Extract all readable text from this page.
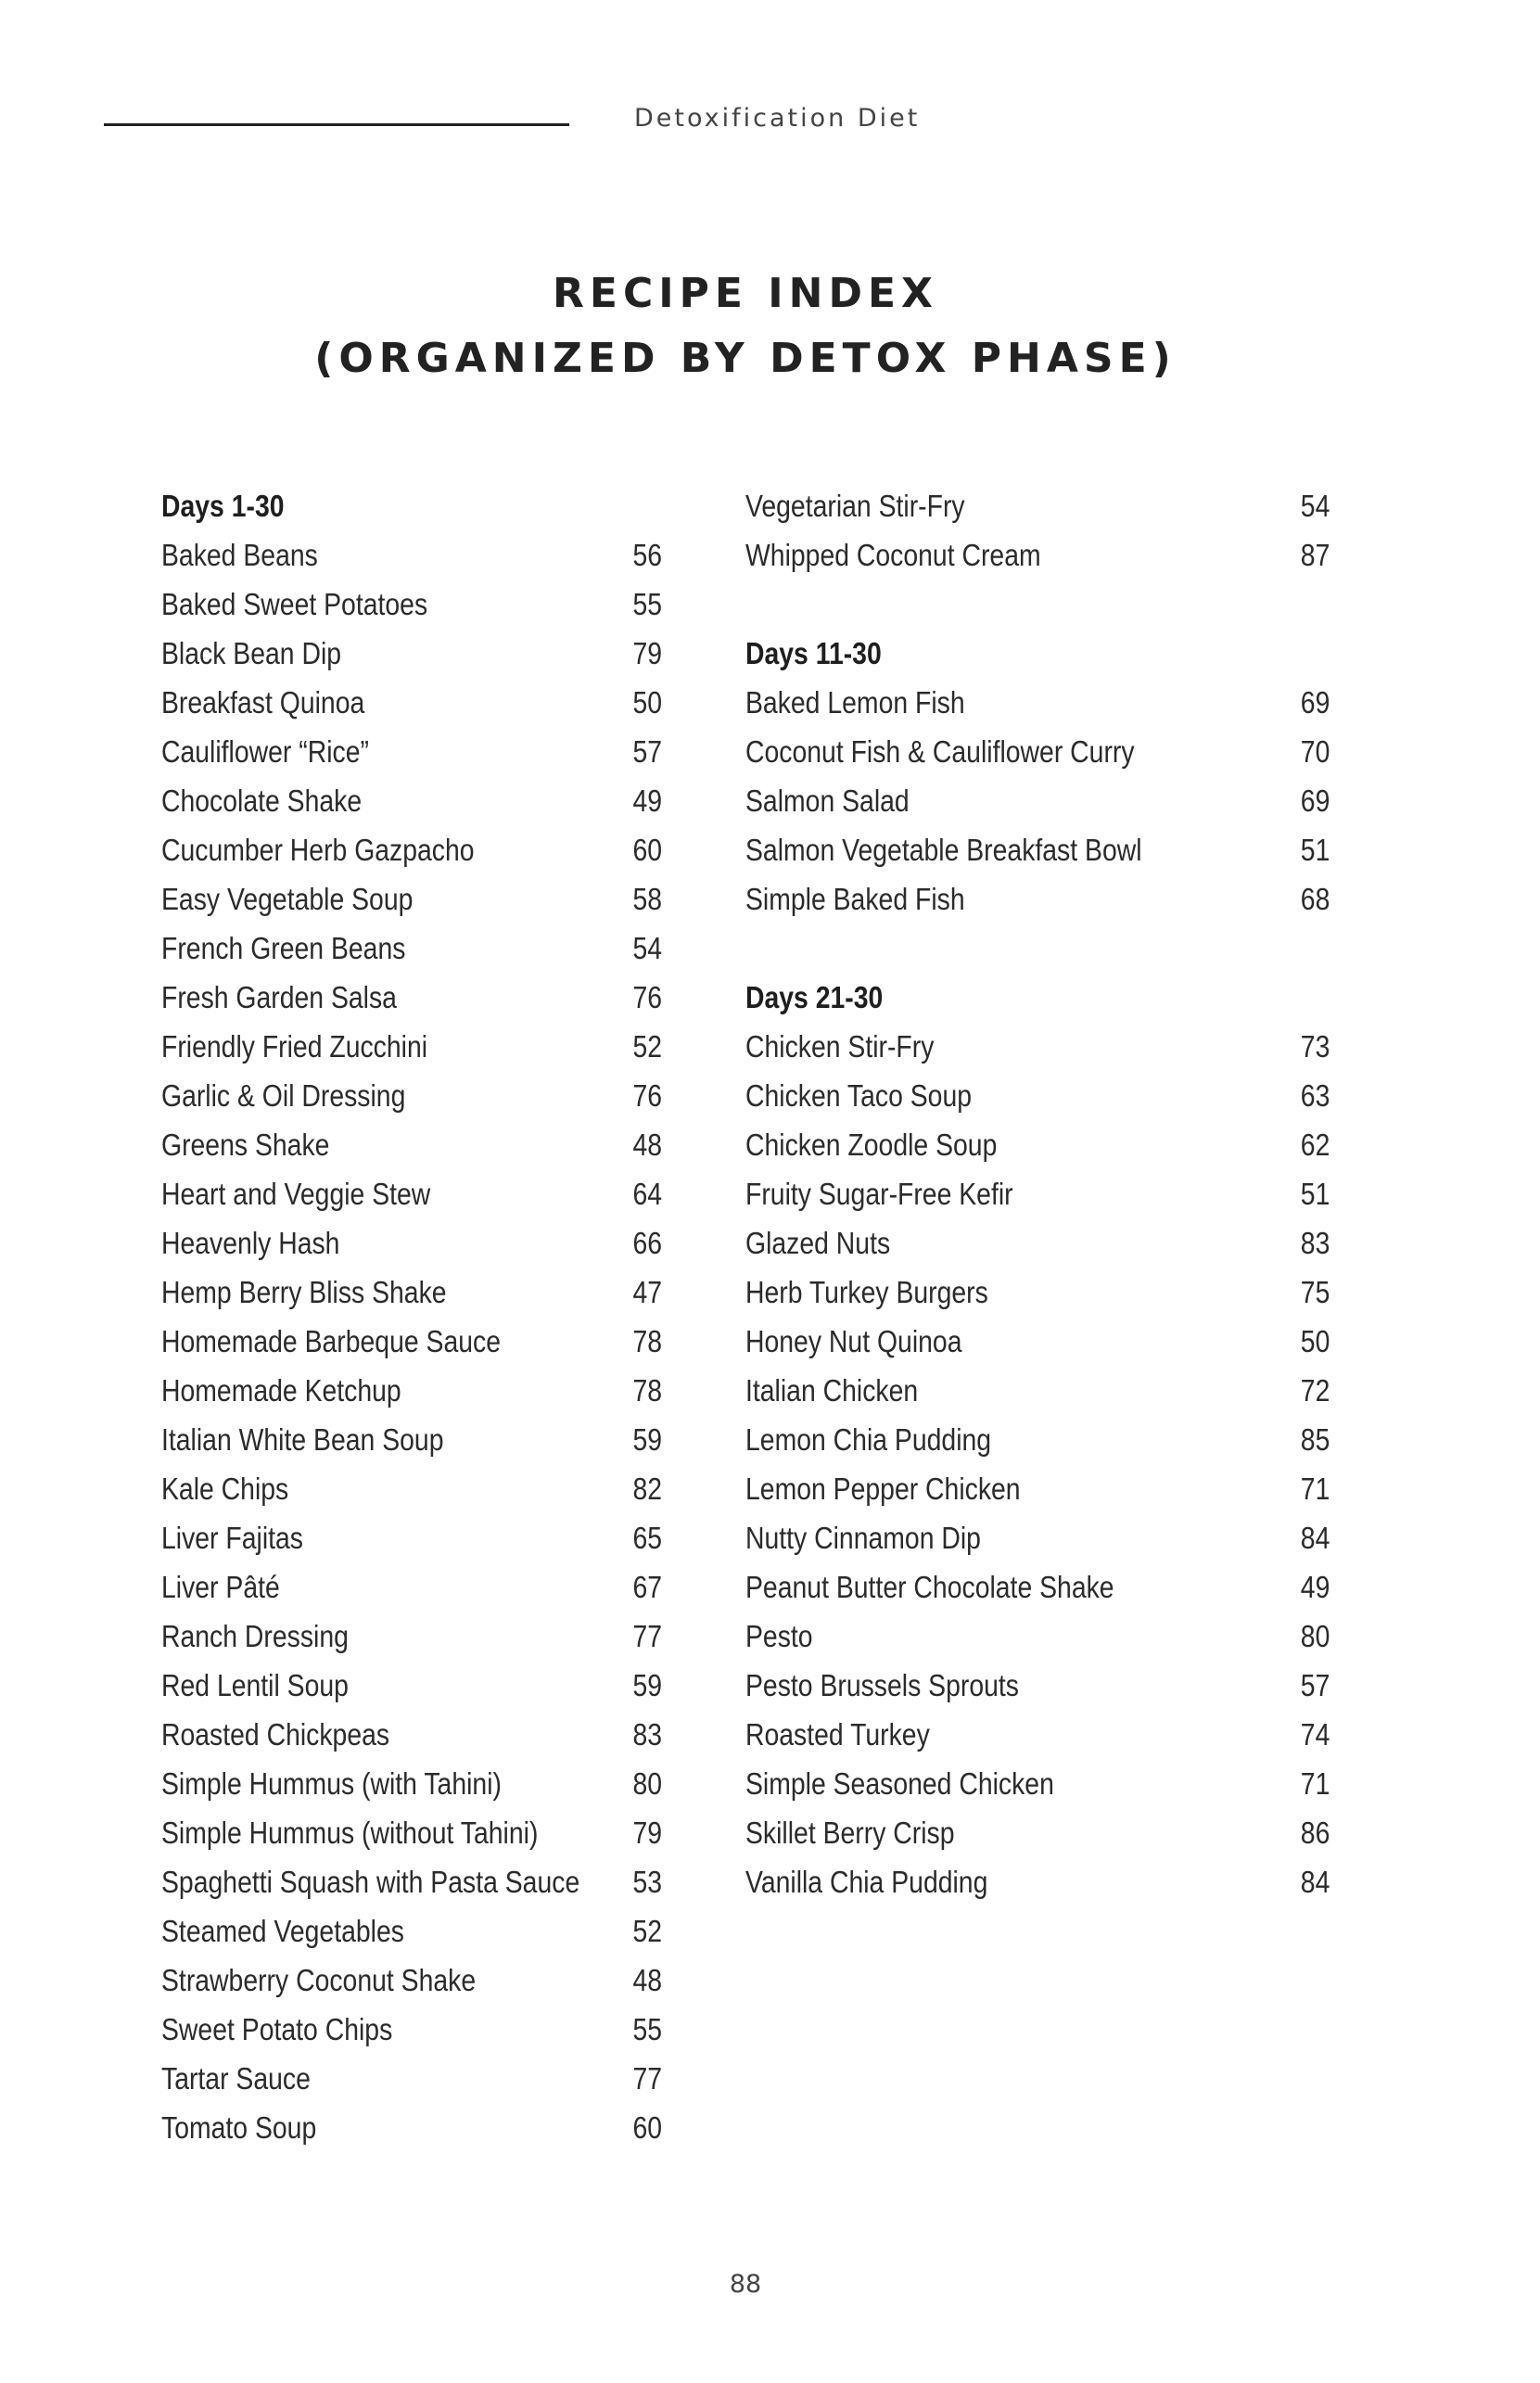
Detoxification Diet
RECIPE INDEX
(ORGANIZED BY DETOX PHASE)
Days 1-30
Baked Beans	56
Baked Sweet Potatoes	55
Black Bean Dip	79
Breakfast Quinoa	50
Cauliflower “Rice”	57
Chocolate Shake	49
Cucumber Herb Gazpacho	60
Easy Vegetable Soup	58
French Green Beans	54
Fresh Garden Salsa	76
Friendly Fried Zucchini	52
Garlic & Oil Dressing	76
Greens Shake	48
Heart and Veggie Stew	64
Heavenly Hash	66
Hemp Berry Bliss Shake	47
Homemade Barbeque Sauce	78
Homemade Ketchup	78
Italian White Bean Soup	59
Kale Chips	82
Liver Fajitas	65
Liver Pâté	67
Ranch Dressing	77
Red Lentil Soup	59
Roasted Chickpeas	83
Simple Hummus (with Tahini)	80
Simple Hummus (without Tahini)	79
Spaghetti Squash with Pasta Sauce 53
Steamed Vegetables	52
Strawberry Coconut Shake	48
Sweet Potato Chips	55
Tartar Sauce	77
Tomato Soup	60
Vegetarian Stir-Fry	54
Whipped Coconut Cream	87
Days 11-30
Baked Lemon Fish	69
Coconut Fish & Cauliflower Curry	70
Salmon Salad	69
Salmon Vegetable Breakfast Bowl	51
Simple Baked Fish	68
Days 21-30
Chicken Stir-Fry	73
Chicken Taco Soup	63
Chicken Zoodle Soup	62
Fruity Sugar-Free Kefir	51
Glazed Nuts	83
Herb Turkey Burgers	75
Honey Nut Quinoa	50
Italian Chicken	72
Lemon Chia Pudding	85
Lemon Pepper Chicken	71
Nutty Cinnamon Dip	84
Peanut Butter Chocolate Shake	49
Pesto	80
Pesto Brussels Sprouts	57
Roasted Turkey	74
Simple Seasoned Chicken	71
Skillet Berry Crisp	86
Vanilla Chia Pudding	84
88
